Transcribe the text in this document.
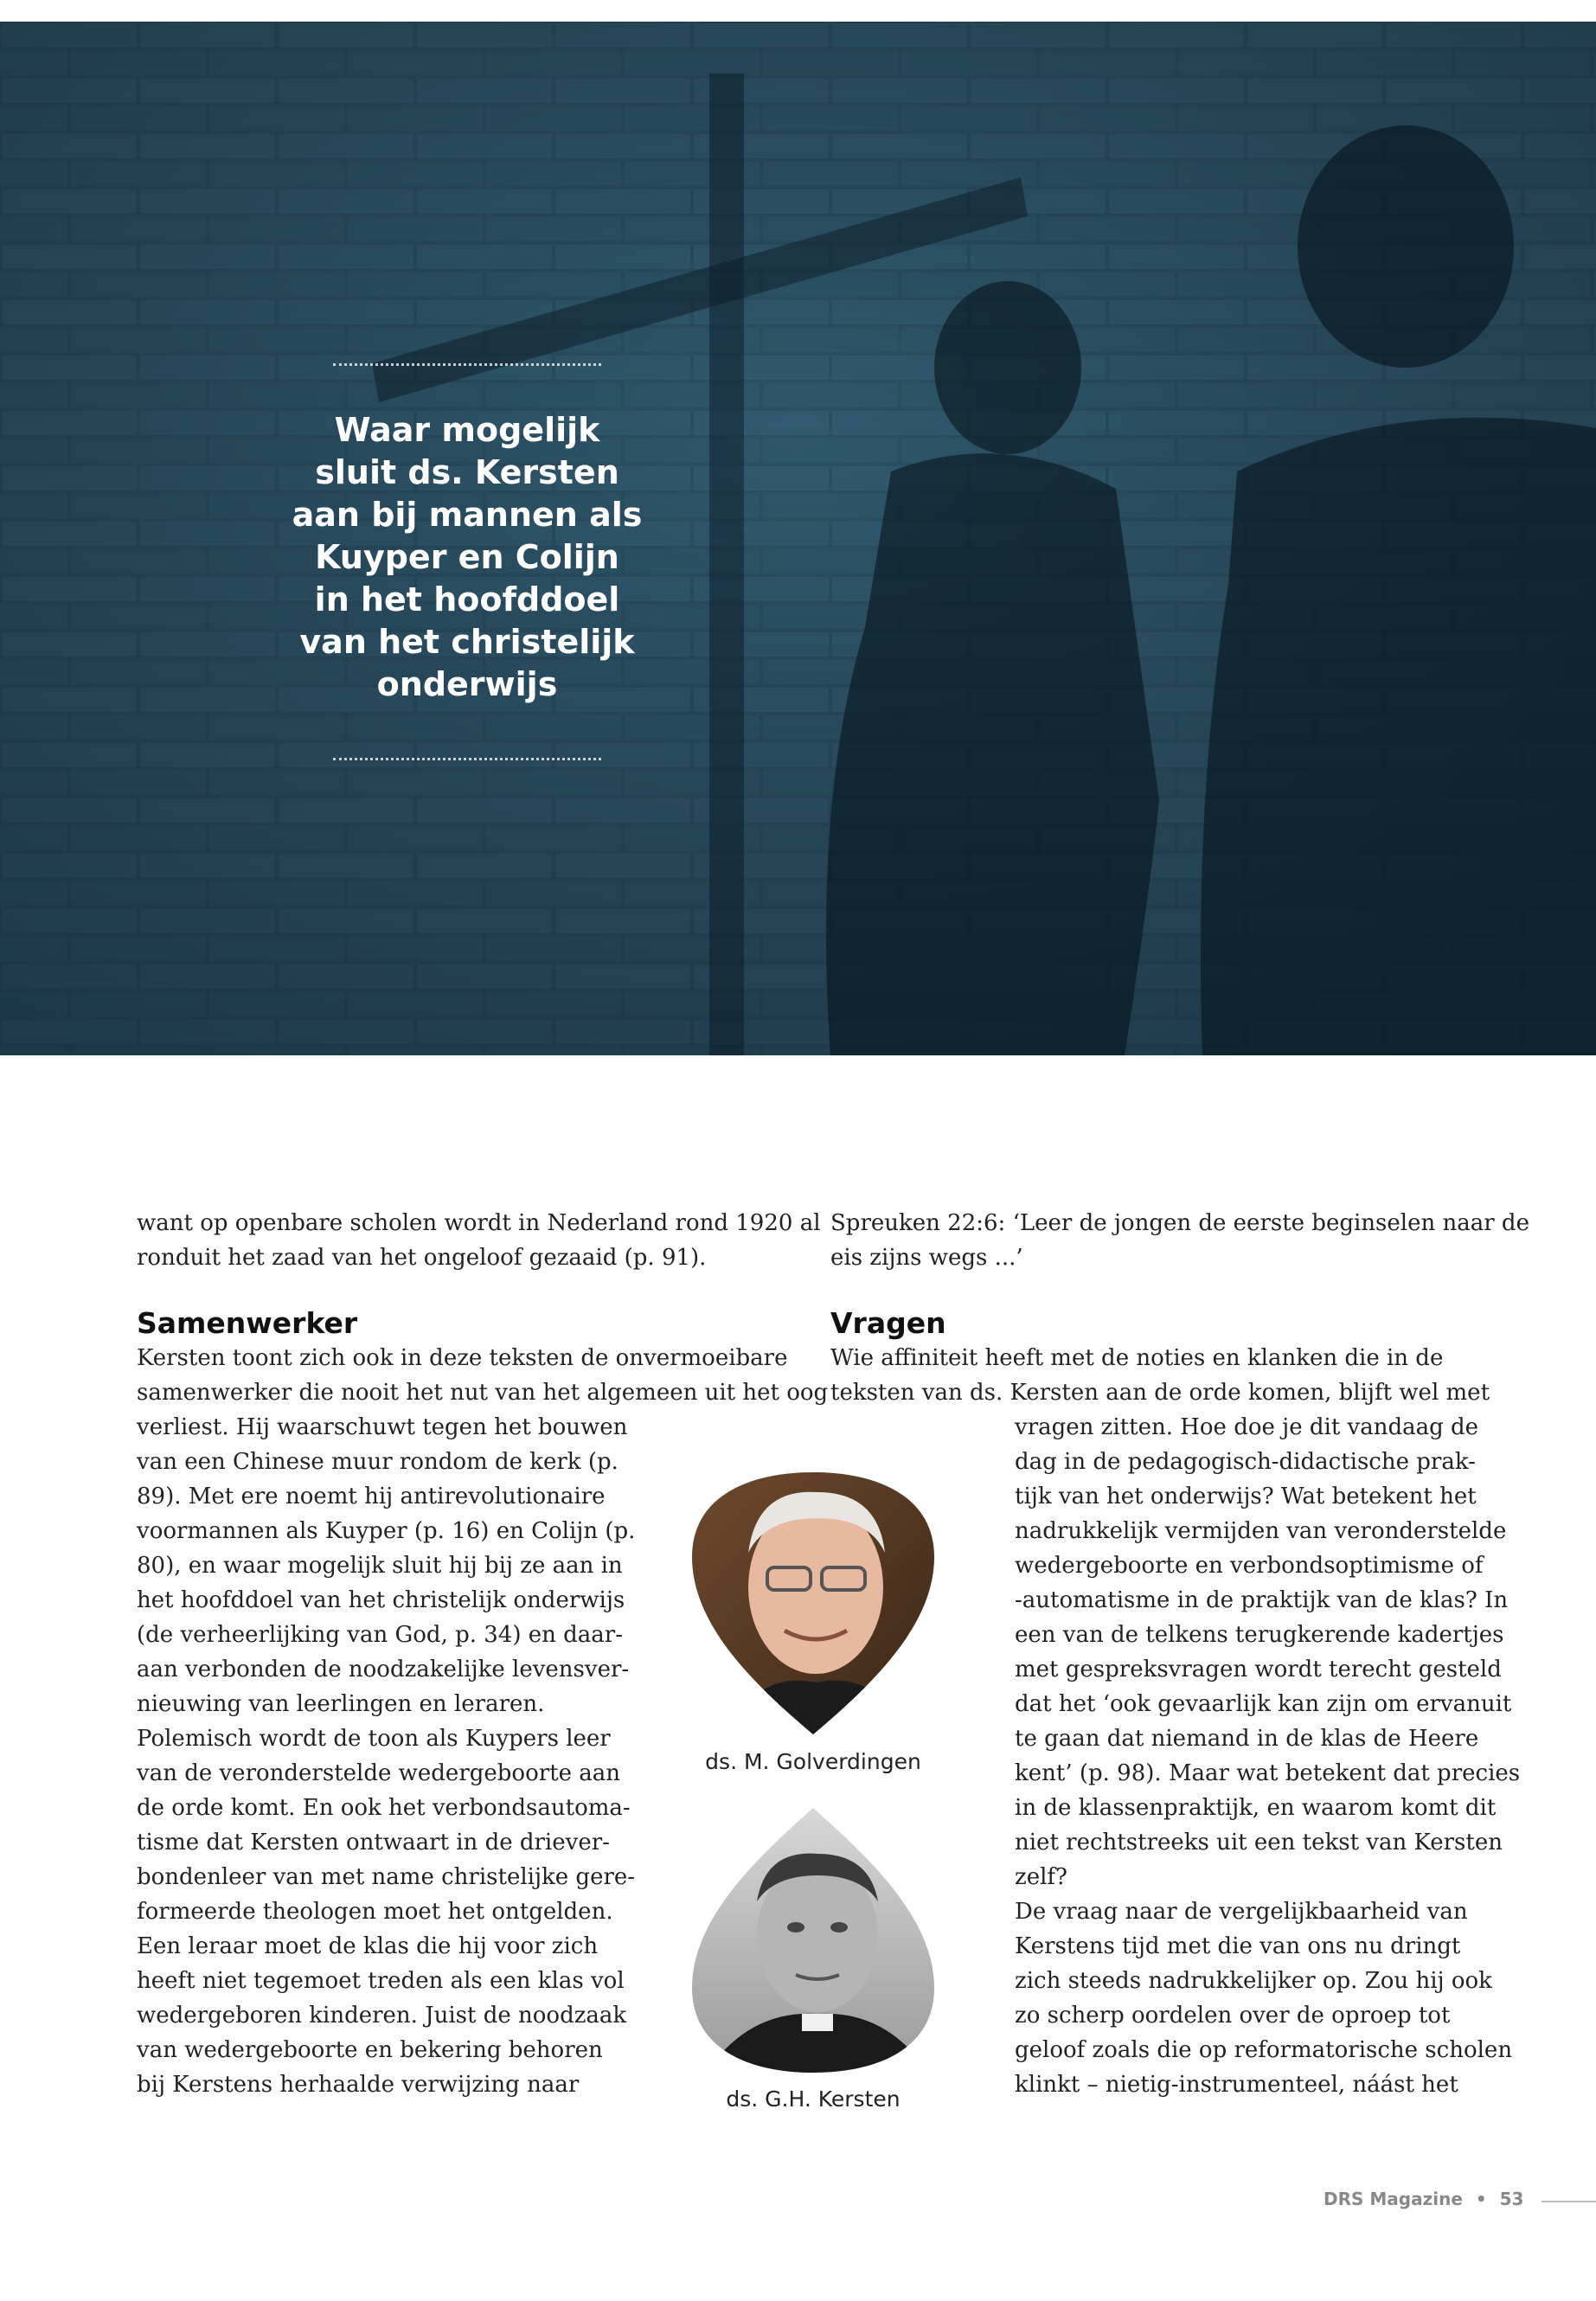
Waar mogelijk
sluit ds. Kersten
aan bij mannen als
Kuyper en Colijn
in het hoofddoel
van het christelijk
onderwijs
want op openbare scholen wordt in Nederland rond 1920 al
ronduit het zaad van het ongeloof gezaaid (p. 91).
Samenwerker
Kersten toont zich ook in deze teksten de onvermoeibare
samenwerker die nooit het nut van het algemeen uit het oog
verliest. Hij waarschuwt tegen het bouwen
van een Chinese muur rondom de kerk (p.
89). Met ere noemt hij antirevolutionaire
voormannen als Kuyper (p. 16) en Colijn (p.
80), en waar mogelijk sluit hij bij ze aan in
het hoofddoel van het christelijk onderwijs
(de verheerlijking van God, p. 34) en daar-
aan verbonden de noodzakelijke levensver-
nieuwing van leerlingen en leraren.
Polemisch wordt de toon als Kuypers leer
van de veronderstelde wedergeboorte aan
de orde komt. En ook het verbondsautoma-
tisme dat Kersten ontwaart in de driever-
bondenleer van met name christelijke gere-
formeerde theologen moet het ontgelden.
Een leraar moet de klas die hij voor zich
heeft niet tegemoet treden als een klas vol
wedergeboren kinderen. Juist de noodzaak
van wedergeboorte en bekering behoren
bij Kerstens herhaalde verwijzing naar
ds. M. Golverdingen
ds. G.H. Kersten
Spreuken 22:6: ‘Leer de jongen de eerste beginselen naar de
eis zijns wegs ...’
Vragen
Wie affiniteit heeft met de noties en klanken die in de
teksten van ds. Kersten aan de orde komen, blijft wel met
vragen zitten. Hoe doe je dit vandaag de
dag in de pedagogisch-didactische prak-
tijk van het onderwijs? Wat betekent het
nadrukkelijk vermijden van veronderstelde
wedergeboorte en verbondsoptimisme of
-automatisme in de praktijk van de klas? In
een van de telkens terugkerende kadertjes
met gespreksvragen wordt terecht gesteld
dat het ‘ook gevaarlijk kan zijn om ervanuit
te gaan dat niemand in de klas de Heere
kent’ (p. 98). Maar wat betekent dat precies
in de klassenpraktijk, en waarom komt dit
niet rechtstreeks uit een tekst van Kersten
zelf?
De vraag naar de vergelijkbaarheid van
Kerstens tijd met die van ons nu dringt
zich steeds nadrukkelijker op. Zou hij ook
zo scherp oordelen over de oproep tot
geloof zoals die op reformatorische scholen
klinkt – nietig-instrumenteel, náást het
DRS Magazine • 53
